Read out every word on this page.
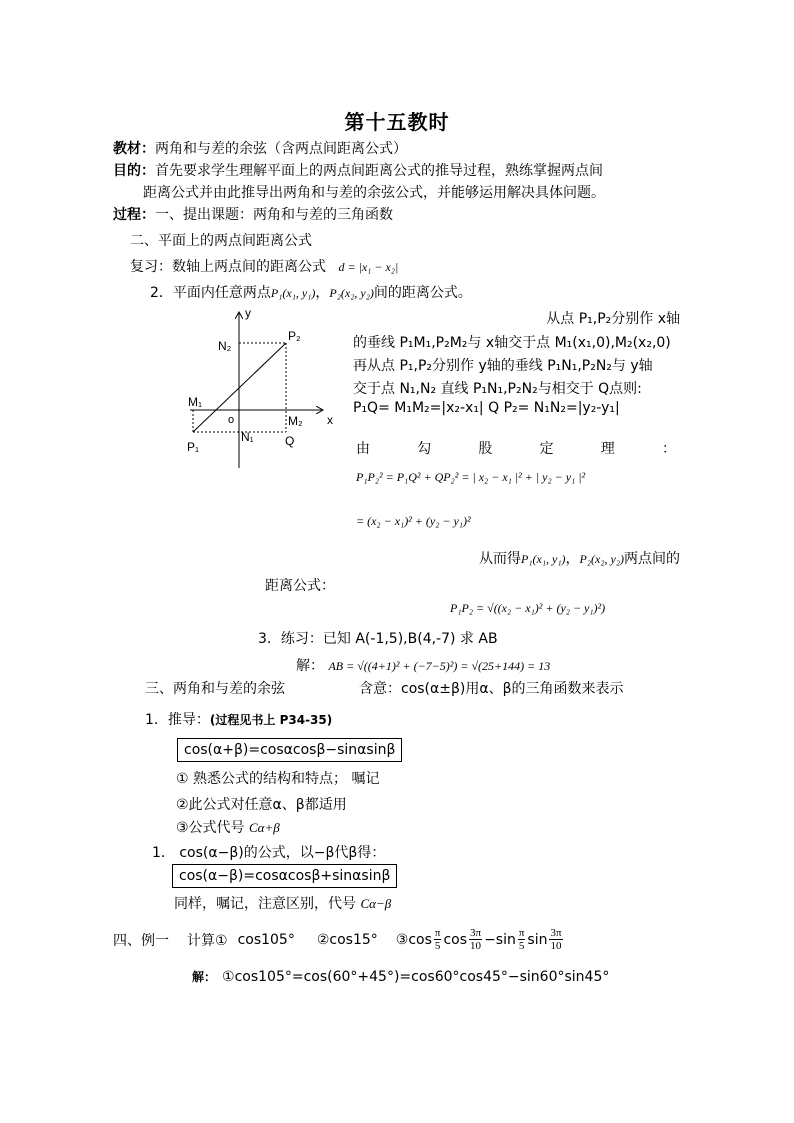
第十五教时
教材：两角和与差的余弦（含两点间距离公式）
目的：首先要求学生理解平面上的两点间距离公式的推导过程，熟练掌握两点间
距离公式并由此推导出两角和与差的余弦公式，并能够运用解决具体问题。
过程：一、提出课题：两角和与差的三角函数
二、平面上的两点间距离公式
复习：数轴上两点间的距离公式 d = |x₁ − x₂|
2．平面内任意两点P₁(x₁, y₁)，P₂(x₂, y₂)间的距离公式。
y
x
o
N₂
P₂
M₁
M₂
N₁	Q
P₁
从点 P₁,P₂分别作 x轴
的垂线 P₁M₁,P₂M₂与 x轴交于点 M₁(x₁,0),M₂(x₂,0)
再从点 P₁,P₂分别作 y轴的垂线 P₁N₁,P₂N₂与 y轴
交于点 N₁,N₂ 直线 P₁N₁,P₂N₂与相交于 Q点则:
P₁Q= M₁M₂=|x₂-x₁| Q P₂= N₁N₂=|y₂-y₁|
由	勾	股	定	理	：
P₁P₂² = P₁Q² + QP₂² = | x₂ − x₁ |² + | y₂ − y₁ |²
= (x₂ − x₁)² + (y₂ − y₁)²
从而得P₁(x₁, y₁)，P₂(x₂, y₂)两点间的
距离公式：
P₁P₂ = √((x₂ − x₁)² + (y₂ − y₁)²)
3．练习：已知 A(-1,5),B(4,-7) 求 AB
解： AB = √((4+1)² + (−7−5)²) = √(25+144) = 13
三、两角和与差的余弦	含意：cos(α±β)用α、β的三角函数来表示
1．推导：(过程见书上 P34-35)
cos(α+β)=cosαcosβ−sinαsinβ
① 熟悉公式的结构和特点； 嘱记
②此公式对任意α、β都适用
③公式代号 Cα+β
1． cos(α−β)的公式，以−β代β得：
cos(α−β)=cosαcosβ+sinαsinβ
同样，嘱记，注意区别，代号 Cα−β
四、例一 计算① cos105° ②cos15° ③cos $\frac{\pi}{5}$ $\cos \frac{3\pi}{10} - \sin \frac{\pi}{5}$ $\sin \frac{3\pi}{10}$
解： ①cos105°=cos(60°+45°)=cos60°cos45°−sin60°sin45°
